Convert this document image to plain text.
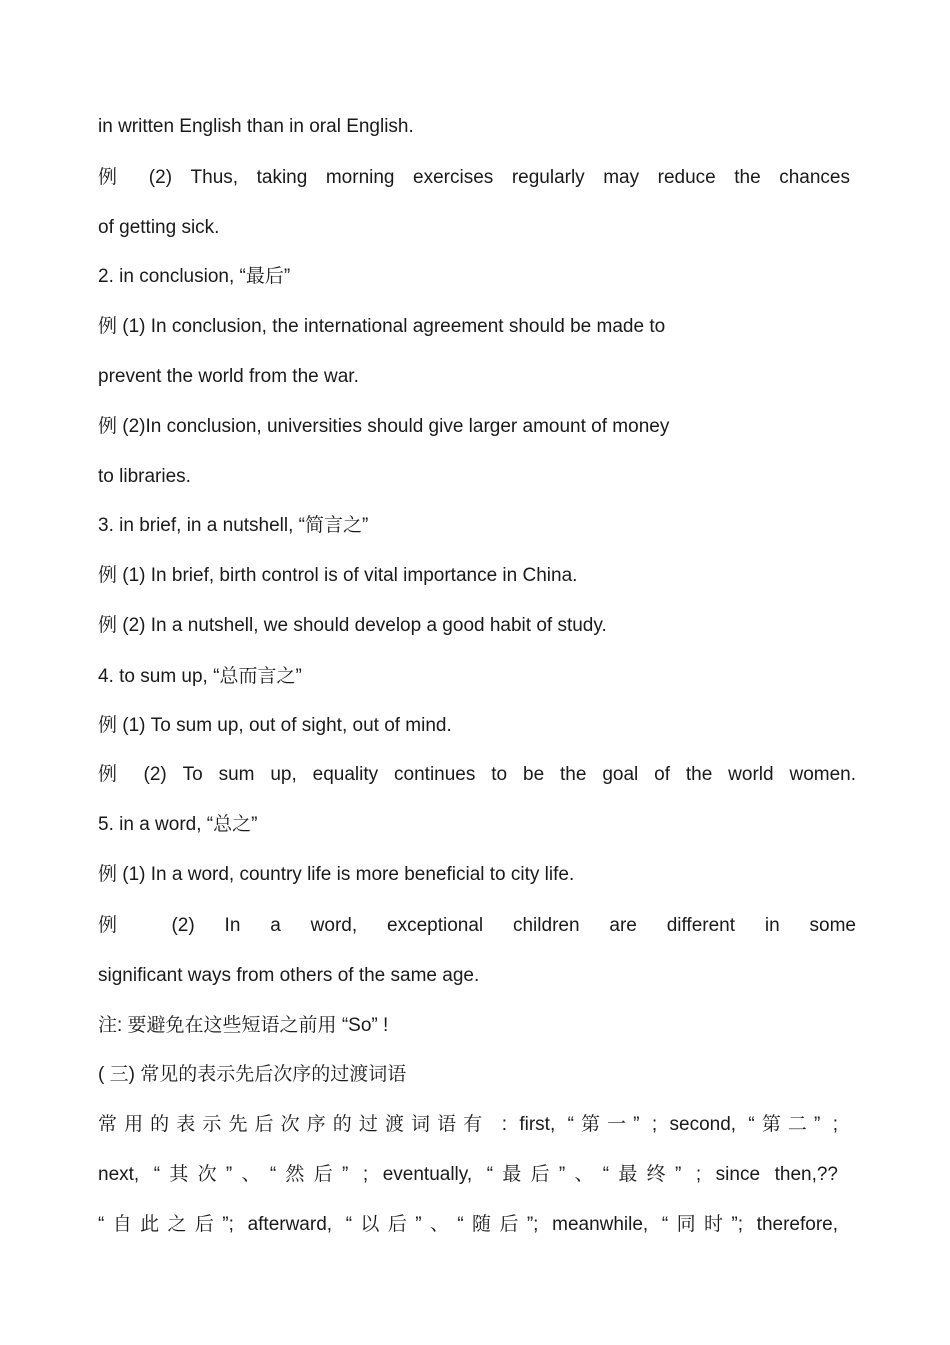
in written English than in oral English.
例 (2) Thus, taking morning exercises regularly may reduce the chances
of getting sick.
2. in conclusion, “最后”
例 (1) In conclusion, the international agreement should be made to
prevent the world from the war.
例 (2)In conclusion, universities should give larger amount of money
to libraries.
3. in brief, in a nutshell, “简言之”
例 (1) In brief, birth control is of vital importance in China.
例 (2) In a nutshell, we should develop a good habit of study.
4. to sum up, “总而言之”
例 (1) To sum up, out of sight, out of mind.
例 (2) To sum up, equality continues to be the goal of the world women.
5. in a word, “总之”
例 (1) In a word, country life is more beneficial to city life.
例 (2) In a word, exceptional children are different in some
significant ways from others of the same age.
注: 要避免在这些短语之前用 “So” !
( 三) 常见的表示先后次序的过渡词语
常用的表示先后次序的过渡词语有 : first, “第一” ; second, “第二” ;
next, “其次”、“然后” ; eventually, “最后”、“最终” ; since then,??
“自此之后”; afterward, “以后”、“随后”; meanwhile, “同时”; therefore,
